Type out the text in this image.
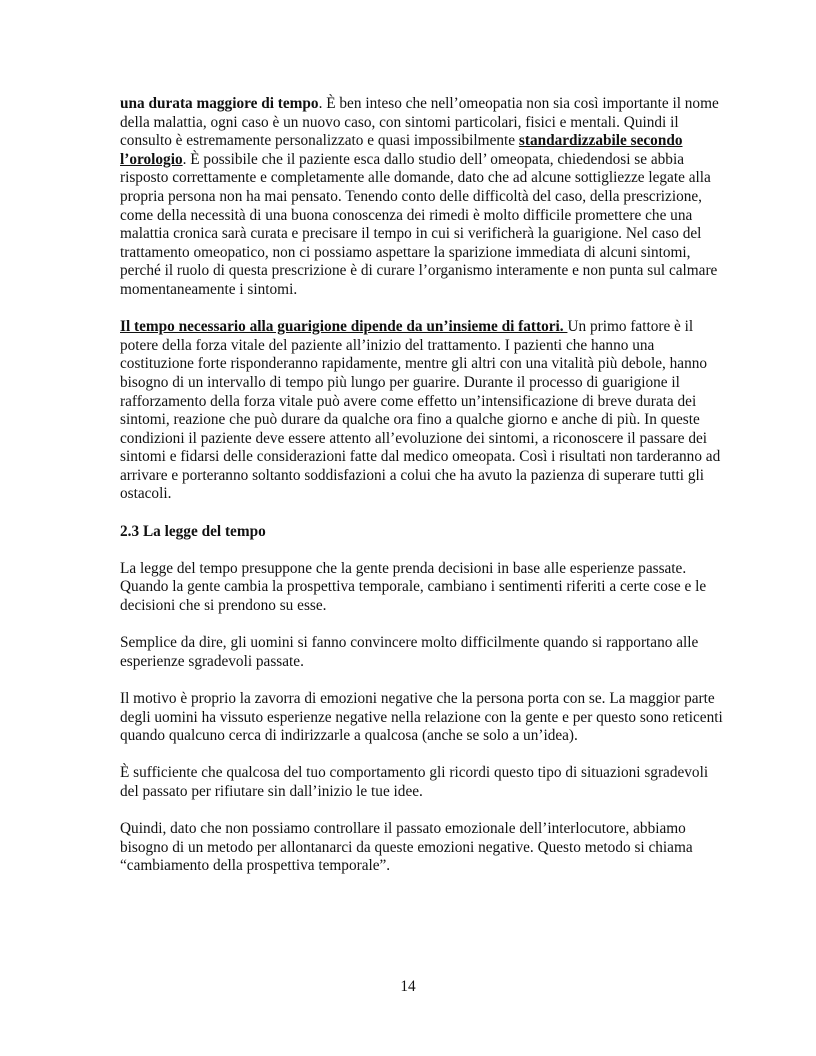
una durata maggiore di tempo. È ben inteso che nell’omeopatia non sia così importante il nome della malattia, ogni caso è un nuovo caso, con sintomi particolari, fisici e mentali. Quindi il consulto è estremamente personalizzato e quasi impossibilmente standardizzabile secondo l’orologio. È possibile che il paziente esca dallo studio dell’ omeopata, chiedendosi se abbia risposto correttamente e completamente alle domande, dato che ad alcune sottigliezze legate alla propria persona non ha mai pensato. Tenendo conto delle difficoltà del caso, della prescrizione, come della necessità di una buona conoscenza dei rimedi è molto difficile promettere che una malattia cronica sarà curata e precisare il tempo in cui si verificherà la guarigione. Nel caso del trattamento omeopatico, non ci possiamo aspettare la sparizione immediata di alcuni sintomi, perché il ruolo di questa prescrizione è di curare l’organismo interamente e non punta sul calmare momentaneamente i sintomi.

Il tempo necessario alla guarigione dipende da un’insieme di fattori. Un primo fattore è il potere della forza vitale del paziente all’inizio del trattamento. I pazienti che hanno una costituzione forte risponderanno rapidamente, mentre gli altri con una vitalità più debole, hanno bisogno di un intervallo di tempo più lungo per guarire. Durante il processo di guarigione il rafforzamento della forza vitale può avere come effetto un’intensificazione di breve durata dei sintomi, reazione che può durare da qualche ora fino a qualche giorno e anche di più. In queste condizioni il paziente deve essere attento all’evoluzione dei sintomi, a riconoscere il passare dei sintomi e fidarsi delle considerazioni fatte dal medico omeopata. Così i risultati non tarderanno ad arrivare e porteranno soltanto soddisfazioni a colui che ha avuto la pazienza di superare tutti gli ostacoli.

2.3 La legge del tempo

La legge del tempo presuppone che la gente prenda decisioni in base alle esperienze passate. Quando la gente cambia la prospettiva temporale, cambiano i sentimenti riferiti a certe cose e le decisioni che si prendono su esse.

Semplice da dire, gli uomini si fanno convincere molto difficilmente quando si rapportano alle esperienze sgradevoli passate.

Il motivo è proprio la zavorra di emozioni negative che la persona porta con se. La maggior parte degli uomini ha vissuto esperienze negative nella relazione con la gente e per questo sono reticenti quando qualcuno cerca di indirizzarle a qualcosa (anche se solo a un’idea).

È sufficiente che qualcosa del tuo comportamento gli ricordi questo tipo di situazioni sgradevoli del passato per rifiutare sin dall’inizio le tue idee.

Quindi, dato che non possiamo controllare il passato emozionale dell’interlocutore, abbiamo bisogno di un metodo per allontanarci da queste emozioni negative. Questo metodo si chiama “cambiamento della prospettiva temporale”.

14
